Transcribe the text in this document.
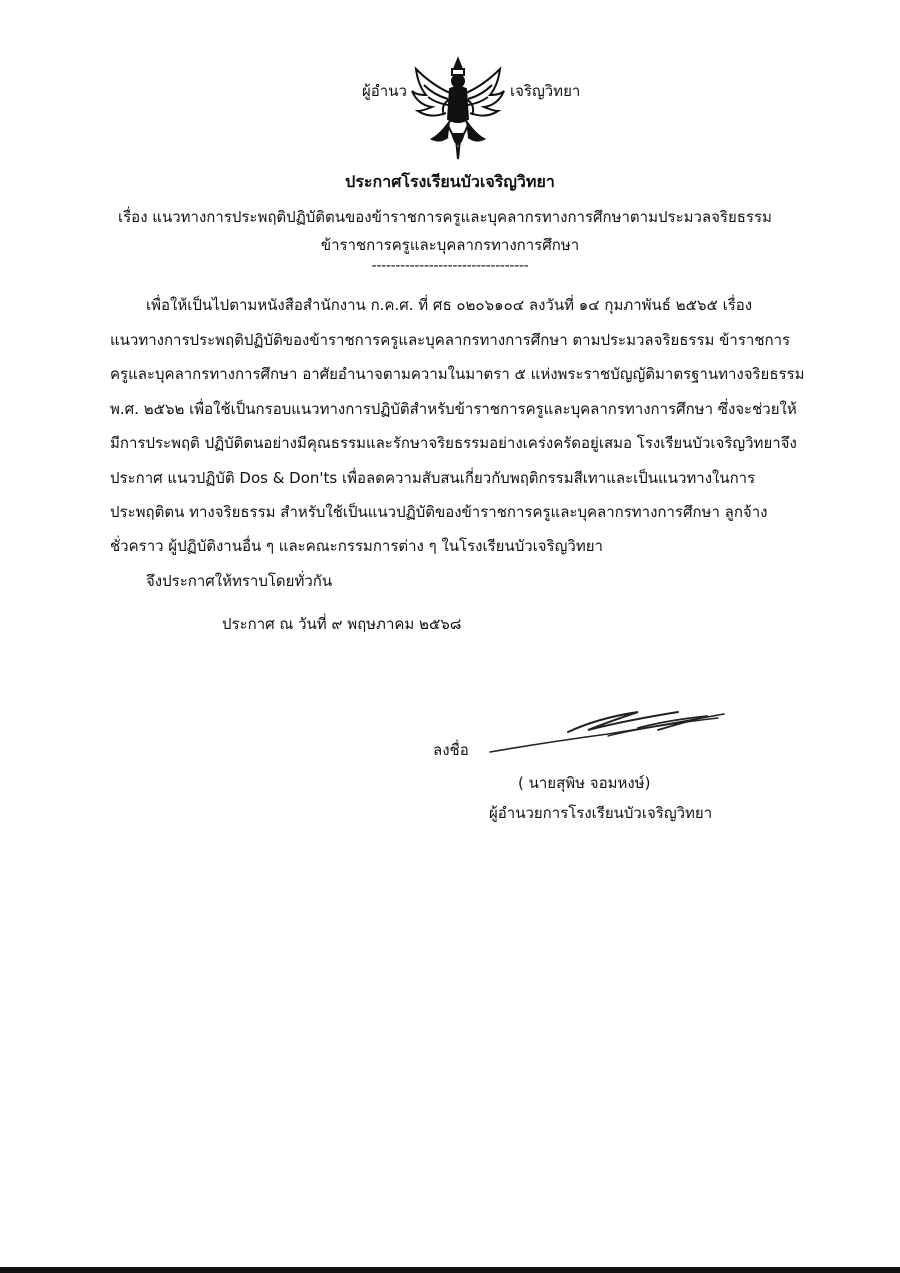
ผู้อำนว	เจริญวิทยา
ประกาศโรงเรียนบัวเจริญวิทยา
เรื่อง แนวทางการประพฤติปฏิบัติตนของข้าราชการครูและบุคลากรทางการศึกษาตามประมวลจริยธรรม
ข้าราชการครูและบุคลากรทางการศึกษา
---------------------------------
เพื่อให้เป็นไปตามหนังสือสำนักงาน ก.ค.ศ. ที่ ศธ ๐๒๐๖๑๐๔ ลงวันที่ ๑๔ กุมภาพันธ์ ๒๕๖๕ เรื่อง
แนวทางการประพฤติปฏิบัติของข้าราชการครูและบุคลากรทางการศึกษา ตามประมวลจริยธรรม ข้าราชการ
ครูและบุคลากรทางการศึกษา อาศัยอำนาจตามความในมาตรา ๕ แห่งพระราชบัญญัติมาตรฐานทางจริยธรรม
พ.ศ. ๒๕๖๒ เพื่อใช้เป็นกรอบแนวทางการปฏิบัติสำหรับข้าราชการครูและบุคลากรทางการศึกษา ซึ่งจะช่วยให้
มีการประพฤติ ปฏิบัติตนอย่างมีคุณธรรมและรักษาจริยธรรมอย่างเคร่งครัดอยู่เสมอ โรงเรียนบัวเจริญวิทยาจึง
ประกาศ แนวปฏิบัติ Dos & Don'ts เพื่อลดความสับสนเกี่ยวกับพฤติกรรมสีเทาและเป็นแนวทางในการ
ประพฤติตน ทางจริยธรรม สำหรับใช้เป็นแนวปฏิบัติของข้าราชการครูและบุคลากรทางการศึกษา ลูกจ้าง
ชั่วคราว ผู้ปฏิบัติงานอื่น ๆ และคณะกรรมการต่าง ๆ ในโรงเรียนบัวเจริญวิทยา
จึงประกาศให้ทราบโดยทั่วกัน
ประกาศ ณ วันที่ ๙ พฤษภาคม ๒๕๖๘
ลงชื่อ
( นายสุพิษ จอมหงษ์)
ผู้อำนวยการโรงเรียนบัวเจริญวิทยา
